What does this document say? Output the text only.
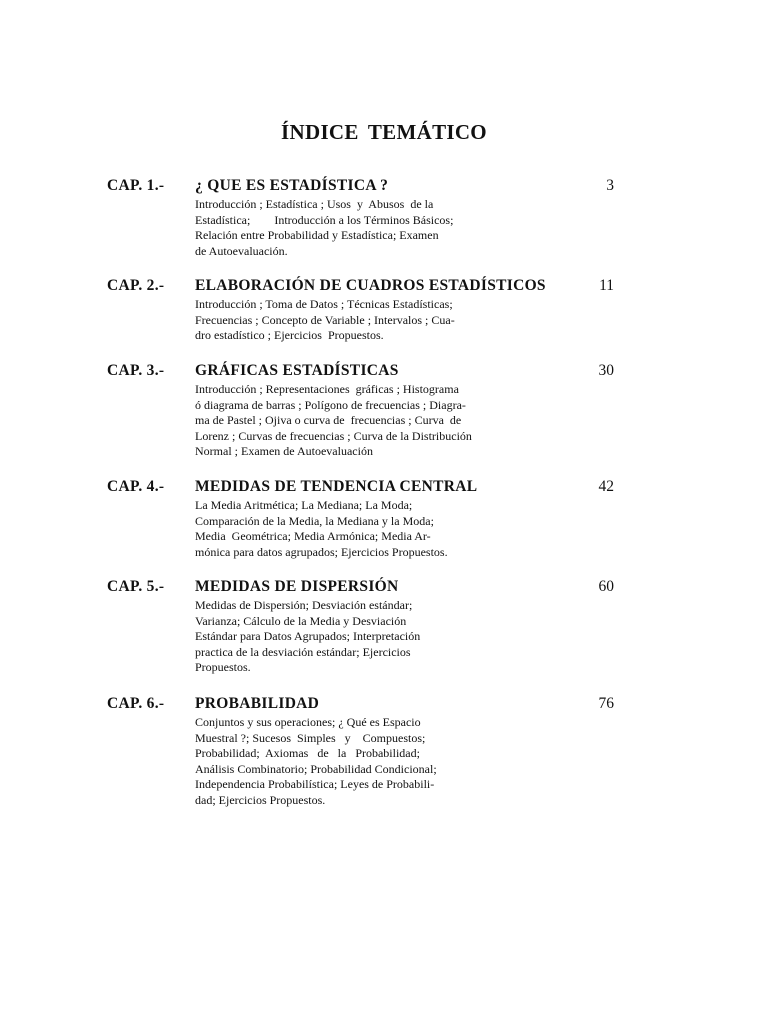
ÍNDICE TEMÁTICO
CAP. 1.- ¿ QUE ES ESTADÍSTICA ?	3
Introducción ; Estadística ; Usos  y  Abusos  de la
Estadística;        Introducción a los Términos Básicos;
Relación entre Probabilidad y Estadística; Examen
de Autoevaluación.
CAP. 2.- ELABORACIÓN DE CUADROS ESTADÍSTICOS	11
Introducción ; Toma de Datos ; Técnicas Estadísticas;
Frecuencias ; Concepto de Variable ; Intervalos ; Cua-
dro estadístico ; Ejercicios  Propuestos.
CAP. 3.- GRÁFICAS ESTADÍSTICAS	30
Introducción ; Representaciones  gráficas ; Histograma
ó diagrama de barras ; Polígono de frecuencias ; Diagra-
ma de Pastel ; Ojiva o curva de  frecuencias ; Curva  de
Lorenz ; Curvas de frecuencias ; Curva de la Distribución
Normal ; Examen de Autoevaluación
CAP. 4.- MEDIDAS DE TENDENCIA CENTRAL	42
La Media Aritmética; La Mediana; La Moda;
Comparación de la Media, la Mediana y la Moda;
Media  Geométrica; Media Armónica; Media Ar-
mónica para datos agrupados; Ejercicios Propuestos.
CAP. 5.- MEDIDAS DE DISPERSIÓN	60
Medidas de Dispersión; Desviación estándar;
Varianza; Cálculo de la Media y Desviación
Estándar para Datos Agrupados; Interpretación
practica de la desviación estándar; Ejercicios
Propuestos.
CAP. 6.- PROBABILIDAD	76
Conjuntos y sus operaciones; ¿ Qué es Espacio
Muestral ?; Sucesos  Simples   y    Compuestos;
Probabilidad;  Axiomas   de   la   Probabilidad;
Análisis Combinatorio; Probabilidad Condicional;
Independencia Probabilística; Leyes de Probabili-
dad; Ejercicios Propuestos.
